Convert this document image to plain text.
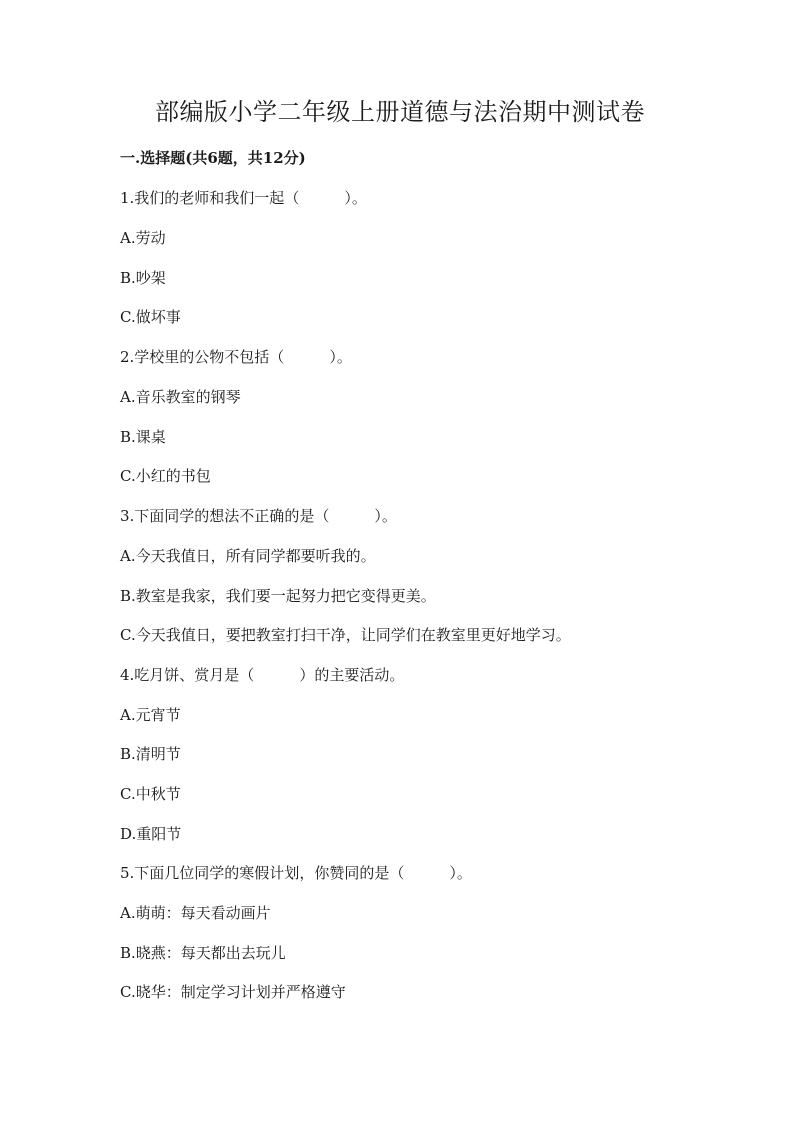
部编版小学二年级上册道德与法治期中测试卷
一.选择题(共6题，共12分)
1.我们的老师和我们一起（　　　）。
A.劳动
B.吵架
C.做坏事
2.学校里的公物不包括（　　　）。
A.音乐教室的钢琴
B.课桌
C.小红的书包
3.下面同学的想法不正确的是（　　　）。
A.今天我值日，所有同学都要听我的。
B.教室是我家，我们要一起努力把它变得更美。
C.今天我值日，要把教室打扫干净，让同学们在教室里更好地学习。
4.吃月饼、赏月是（　　　）的主要活动。
A.元宵节
B.清明节
C.中秋节
D.重阳节
5.下面几位同学的寒假计划，你赞同的是（　　　）。
A.萌萌：每天看动画片
B.晓燕：每天都出去玩儿
C.晓华：制定学习计划并严格遵守
